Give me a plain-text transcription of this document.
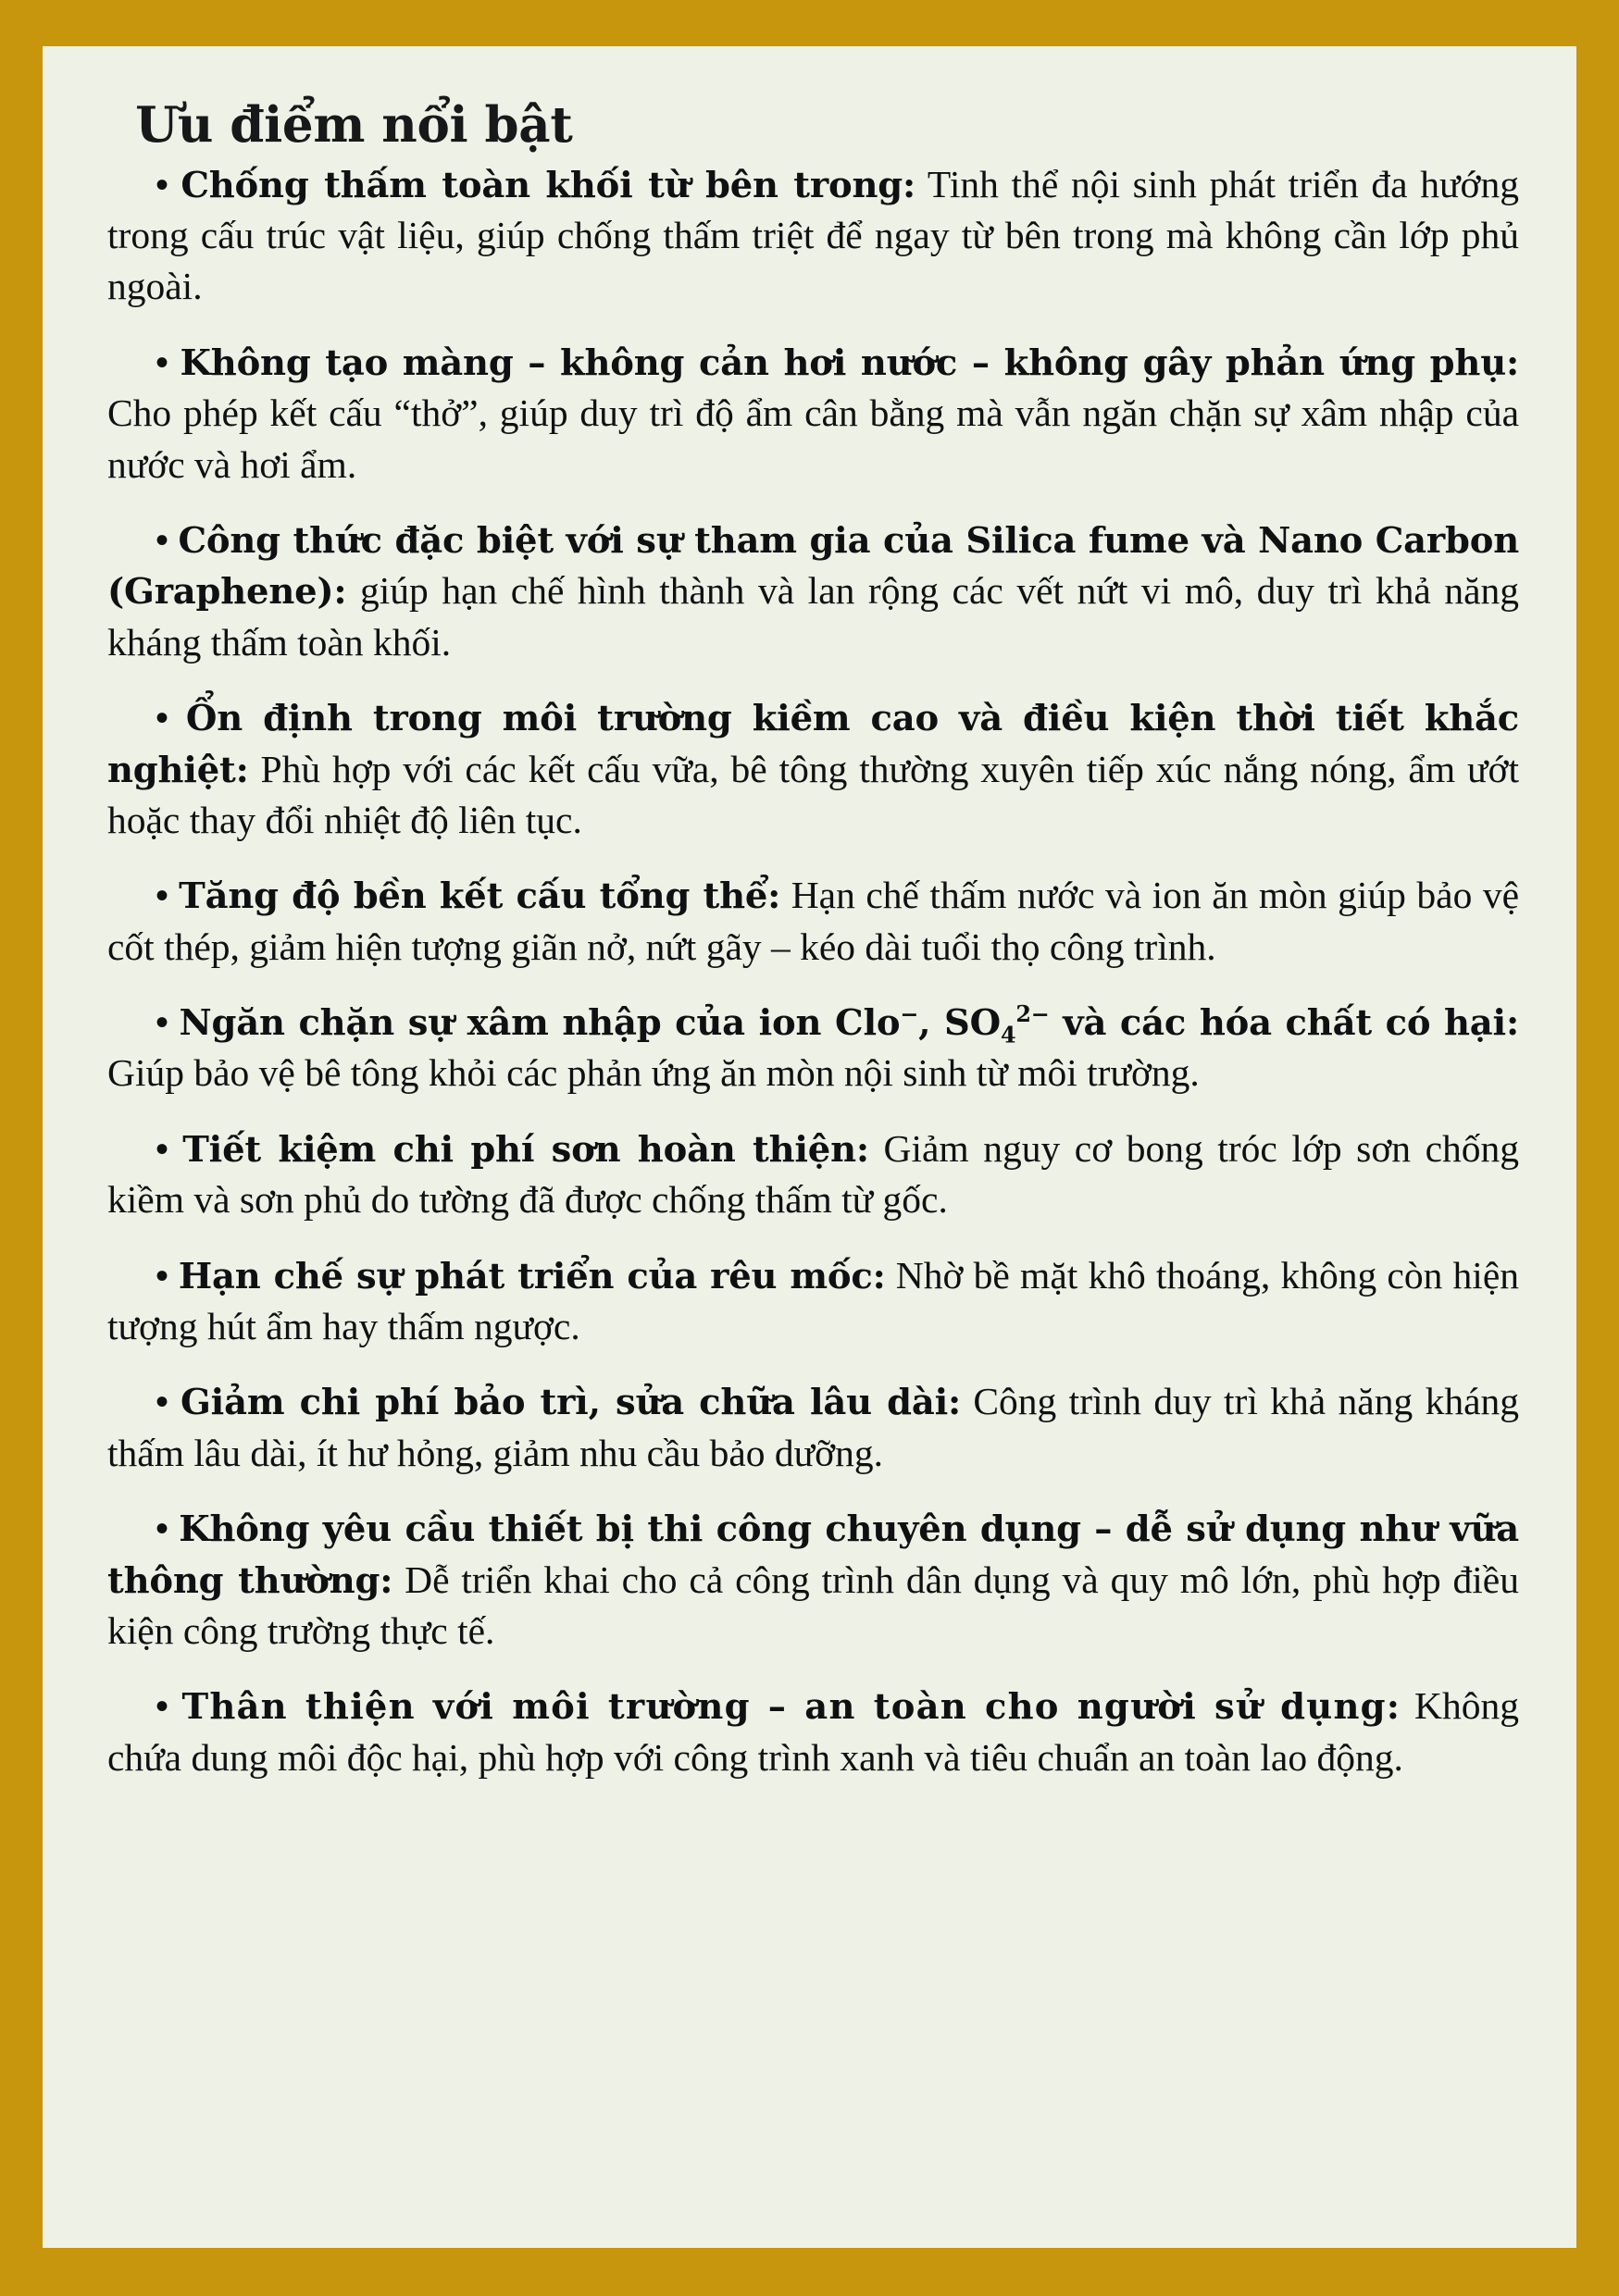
Ưu điểm nổi bật
• Chống thấm toàn khối từ bên trong: Tinh thể nội sinh phát triển đa hướng trong cấu trúc vật liệu, giúp chống thấm triệt để ngay từ bên trong mà không cần lớp phủ ngoài.
• Không tạo màng – không cản hơi nước – không gây phản ứng phụ: Cho phép kết cấu “thở”, giúp duy trì độ ẩm cân bằng mà vẫn ngăn chặn sự xâm nhập của nước và hơi ẩm.
• Công thức đặc biệt với sự tham gia của Silica fume và Nano Carbon (Graphene): giúp hạn chế hình thành và lan rộng các vết nứt vi mô, duy trì khả năng kháng thấm toàn khối.
• Ổn định trong môi trường kiềm cao và điều kiện thời tiết khắc nghiệt: Phù hợp với các kết cấu vữa, bê tông thường xuyên tiếp xúc nắng nóng, ẩm ướt hoặc thay đổi nhiệt độ liên tục.
• Tăng độ bền kết cấu tổng thể: Hạn chế thấm nước và ion ăn mòn giúp bảo vệ cốt thép, giảm hiện tượng giãn nở, nứt gãy – kéo dài tuổi thọ công trình.
• Ngăn chặn sự xâm nhập của ion Clo−, $SO_4^{2-}$ và các hóa chất có hại: Giúp bảo vệ bê tông khỏi các phản ứng ăn mòn nội sinh từ môi trường.
• Tiết kiệm chi phí sơn hoàn thiện: Giảm nguy cơ bong tróc lớp sơn chống kiềm và sơn phủ do tường đã được chống thấm từ gốc.
• Hạn chế sự phát triển của rêu mốc: Nhờ bề mặt khô thoáng, không còn hiện tượng hút ẩm hay thấm ngược.
• Giảm chi phí bảo trì, sửa chữa lâu dài: Công trình duy trì khả năng kháng thấm lâu dài, ít hư hỏng, giảm nhu cầu bảo dưỡng.
• Không yêu cầu thiết bị thi công chuyên dụng – dễ sử dụng như vữa thông thường: Dễ triển khai cho cả công trình dân dụng và quy mô lớn, phù hợp điều kiện công trường thực tế.
• Thân thiện với môi trường – an toàn cho người sử dụng: Không chứa dung môi độc hại, phù hợp với công trình xanh và tiêu chuẩn an toàn lao động.
